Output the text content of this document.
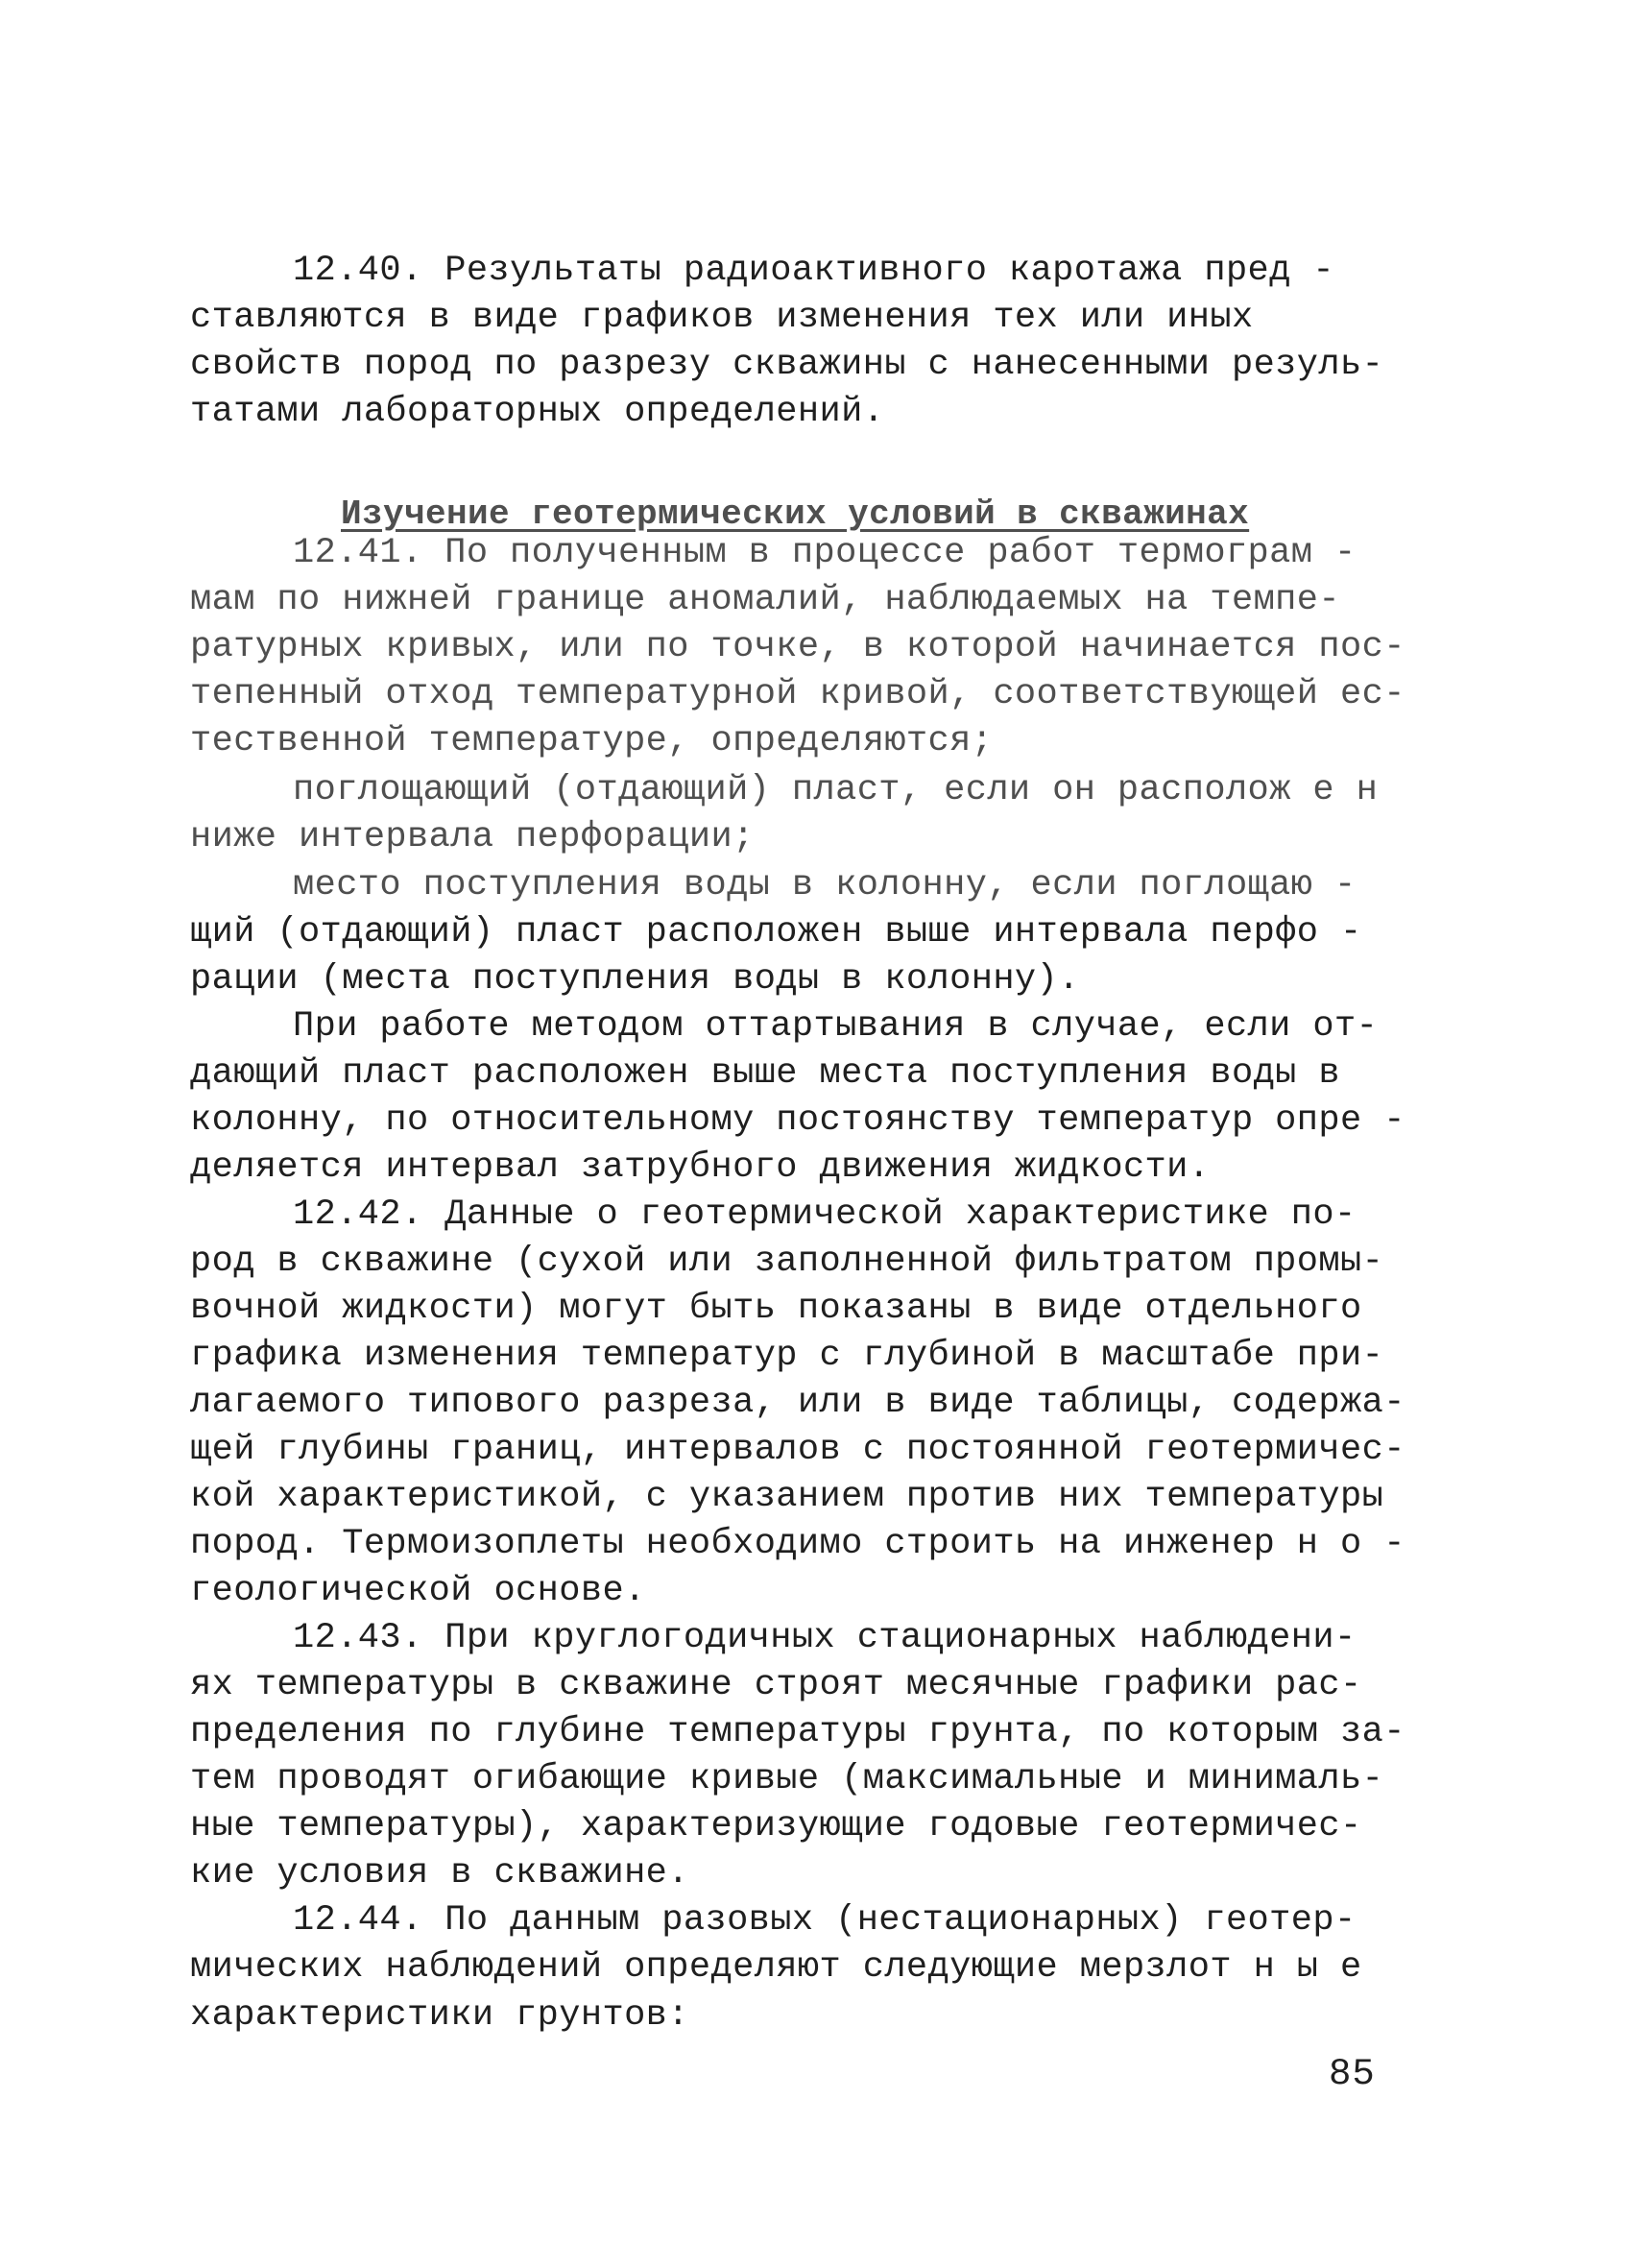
12.40. Результаты радиоактивного каротажа пред -
ставляются в виде графиков изменения тех или иных
свойств пород по разрезу скважины с нанесенными резуль-
татами лабораторных определений.
Изучение геотермических условий в скважинах
12.41. По полученным в процессе работ термограм -
мам по нижней границе аномалий, наблюдаемых на темпе-
ратурных кривых, или по точке, в которой начинается пос-
тепенный отход температурной кривой, соответствующей ес-
тественной температуре, определяются;
поглощающий (отдающий) пласт, если он располож е н
ниже интервала перфорации;
место поступления воды в колонну, если поглощаю -
щий (отдающий) пласт расположен выше интервала перфо -
рации (места поступления воды в колонну).
При работе методом оттартывания в случае, если от-
дающий пласт расположен выше места поступления воды в
колонну, по относительному постоянству температур опре -
деляется интервал затрубного движения жидкости.
12.42. Данные о геотермической характеристике по-
род в скважине (сухой или заполненной фильтратом промы-
вочной жидкости) могут быть показаны в виде отдельного
графика изменения температур с глубиной в масштабе при-
лагаемого типового разреза, или в виде таблицы, содержа-
щей глубины границ, интервалов с постоянной геотермичес-
кой характеристикой, с указанием против них температуры
пород. Термоизоплеты необходимо строить на инженер н о -
геологической основе.
12.43. При круглогодичных стационарных наблюдени-
ях температуры в скважине строят месячные графики рас-
пределения по глубине температуры грунта, по которым за-
тем проводят огибающие кривые (максимальные и минималь-
ные температуры), характеризующие годовые геотермичес-
кие условия в скважине.
12.44. По данным разовых (нестационарных) геотер-
мических наблюдений определяют следующие мерзлот н ы е
характеристики грунтов:
85
